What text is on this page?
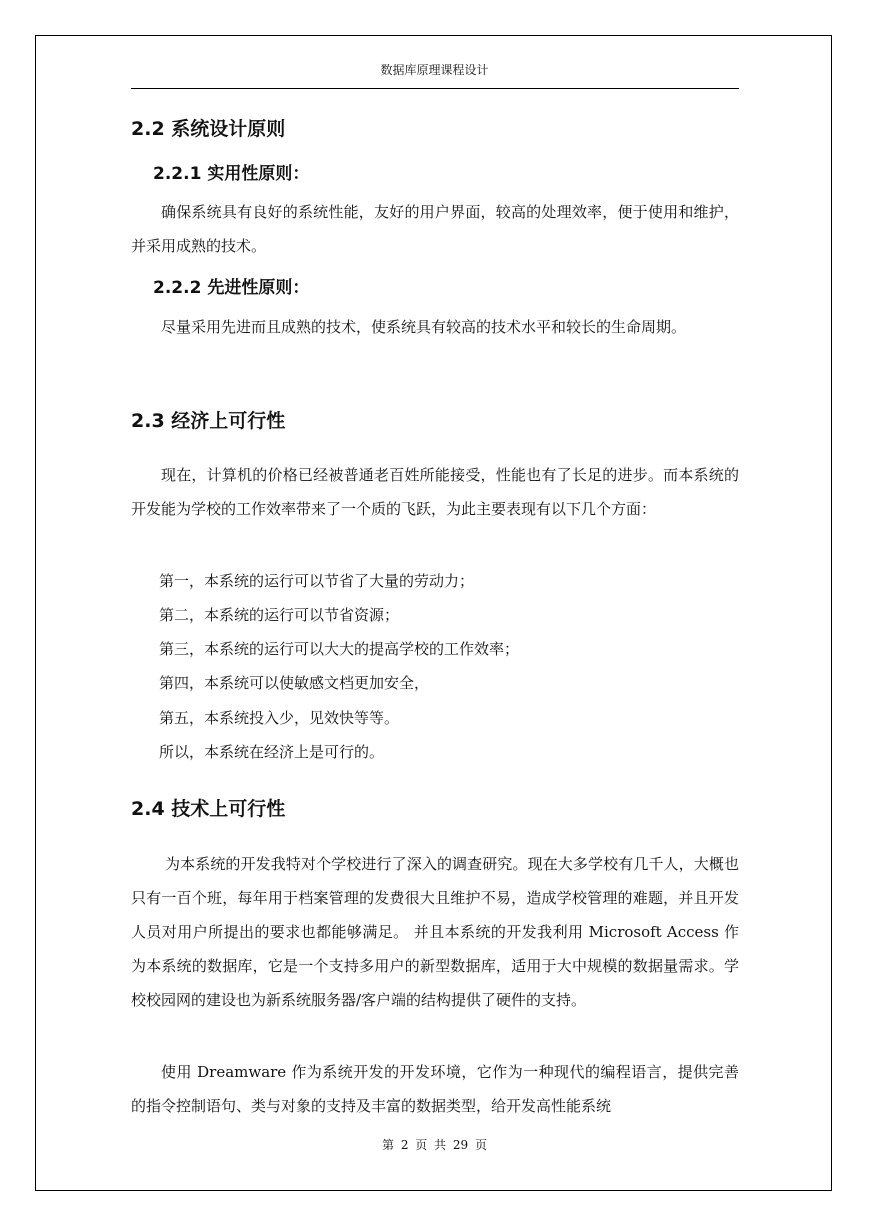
数据库原理课程设计
2.2 系统设计原则
2.2.1 实用性原则：

确保系统具有良好的系统性能，友好的用户界面，较高的处理效率，便于使用和维护，并采用成熟的技术。

2.2.2 先进性原则：

尽量采用先进而且成熟的技术，使系统具有较高的技术水平和较长的生命周期。

2.3 经济上可行性

现在，计算机的价格已经被普通老百姓所能接受，性能也有了长足的进步。而本系统的开发能为学校的工作效率带来了一个质的飞跃，为此主要表现有以下几个方面：

第一，本系统的运行可以节省了大量的劳动力；
第二，本系统的运行可以节省资源；
第三，本系统的运行可以大大的提高学校的工作效率；
第四，本系统可以使敏感文档更加安全，
第五，本系统投入少，见效快等等。
所以，本系统在经济上是可行的。
2.4 技术上可行性

为本系统的开发我特对个学校进行了深入的调查研究。现在大多学校有几千人，大概也只有一百个班，每年用于档案管理的发费很大且维护不易，造成学校管理的难题，并且开发人员对用户所提出的要求也都能够满足。 并且本系统的开发我利用 Microsoft Access 作为本系统的数据库，它是一个支持多用户的新型数据库，适用于大中规模的数据量需求。学校校园网的建设也为新系统服务器/客户端的结构提供了硬件的支持。

使用 Dreamware 作为系统开发的开发环境，它作为一种现代的编程语言，提供完善的指令控制语句、类与对象的支持及丰富的数据类型，给开发高性能系统

第 2 页 共 29 页
